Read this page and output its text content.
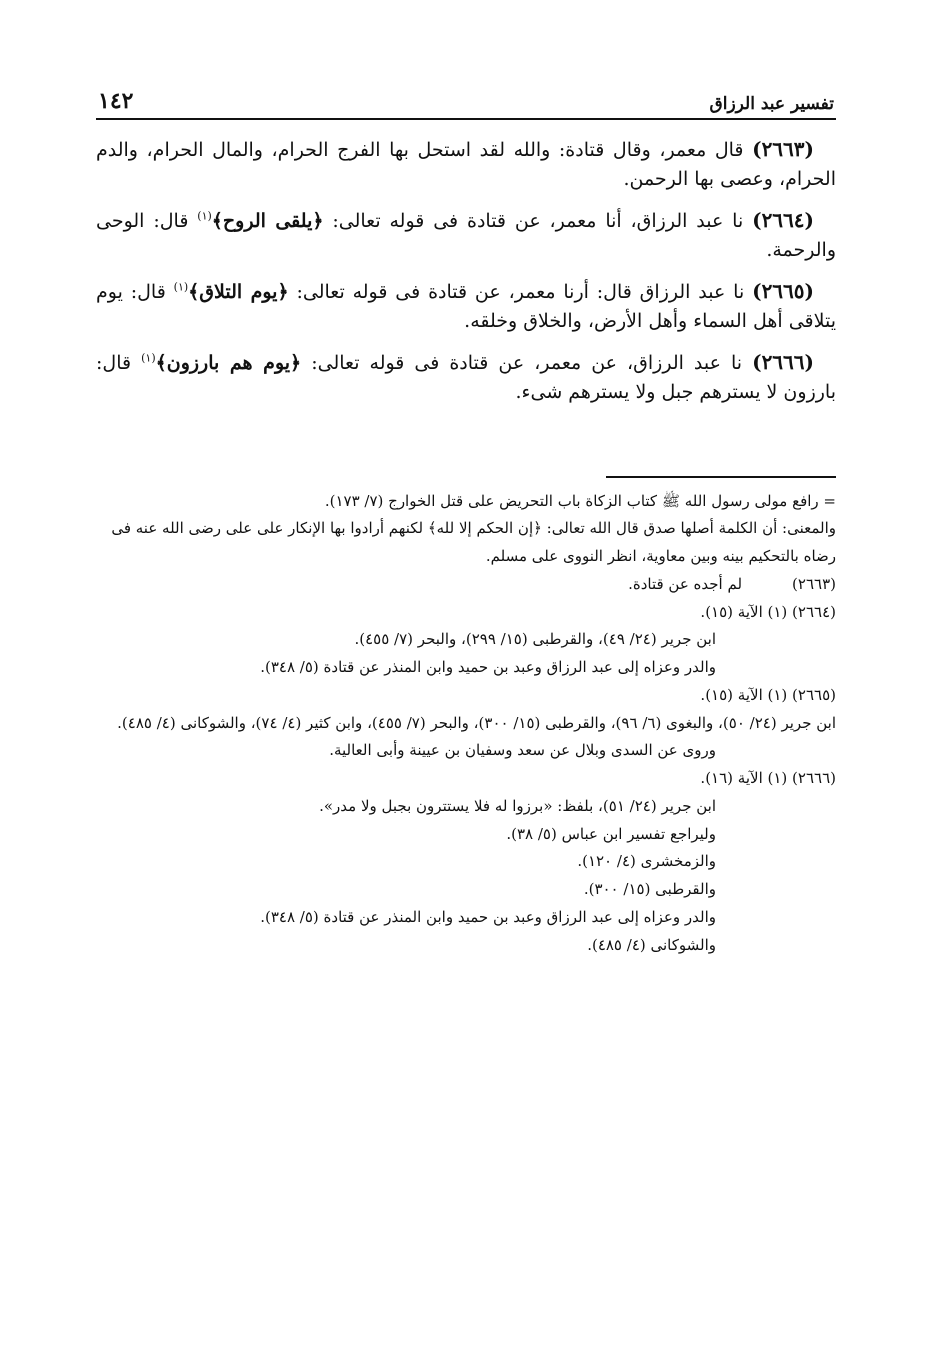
تفسير عبد الرزاق
١٤٢

(٢٦٦٣) قال معمر، وقال قتادة: والله لقد استحل بها الفرج الحرام، والمال الحرام، والدم الحرام، وعصى بها الرحمن.

(٢٦٦٤) نا عبد الرزاق، أنا معمر، عن قتادة فى قوله تعالى: ﴿يلقى الروح﴾$^{(١)}$ قال: الوحى والرحمة.

(٢٦٦٥) نا عبد الرزاق قال: أرنا معمر، عن قتادة فى قوله تعالى: ﴿يوم التلاق﴾$^{(١)}$ قال: يوم يتلاقى أهل السماء وأهل الأرض، والخلاق وخلقه.

(٢٦٦٦) نا عبد الرزاق، عن معمر، عن قتادة فى قوله تعالى: ﴿يوم هم بارزون﴾$^{(١)}$ قال: بارزون لا يسترهم جبل ولا يسترهم شىء.

= رافع مولى رسول الله ﷺ كتاب الزكاة باب التحريض على قتل الخوارج (٧/ ١٧٣).

والمعنى: أن الكلمة أصلها صدق قال الله تعالى: ﴿إن الحكم إلا لله﴾ لكنهم أرادوا بها الإنكار على على رضى الله عنه فى رضاه بالتحكيم بينه وبين معاوية، انظر النووى على مسلم.

(٢٦٦٣)لم أجده عن قتادة.

(٢٦٦٤) (١) الآية (١٥).

ابن جرير (٢٤/ ٤٩)، والقرطبى (١٥/ ٢٩٩)، والبحر (٧/ ٤٥٥).

والدر وعزاه إلى عبد الرزاق وعبد بن حميد وابن المنذر عن قتادة (٥/ ٣٤٨).

(٢٦٦٥) (١) الآية (١٥).

ابن جرير (٢٤/ ٥٠)، والبغوى (٦/ ٩٦)، والقرطبى (١٥/ ٣٠٠)، والبحر (٧/ ٤٥٥)، وابن كثير (٤/ ٧٤)، والشوكانى (٤/ ٤٨٥).

وروى عن السدى وبلال عن سعد وسفيان بن عيينة وأبى العالية.

(٢٦٦٦) (١) الآية (١٦).

ابن جرير (٢٤/ ٥١)، بلفظ: «برزوا له فلا يستترون بجبل ولا مدر».

وليراجع تفسير ابن عباس (٥/ ٣٨).

والزمخشرى (٤/ ١٢٠).

والقرطبى (١٥/ ٣٠٠).

والدر وعزاه إلى عبد الرزاق وعبد بن حميد وابن المنذر عن قتادة (٥/ ٣٤٨).

والشوكانى (٤/ ٤٨٥).
